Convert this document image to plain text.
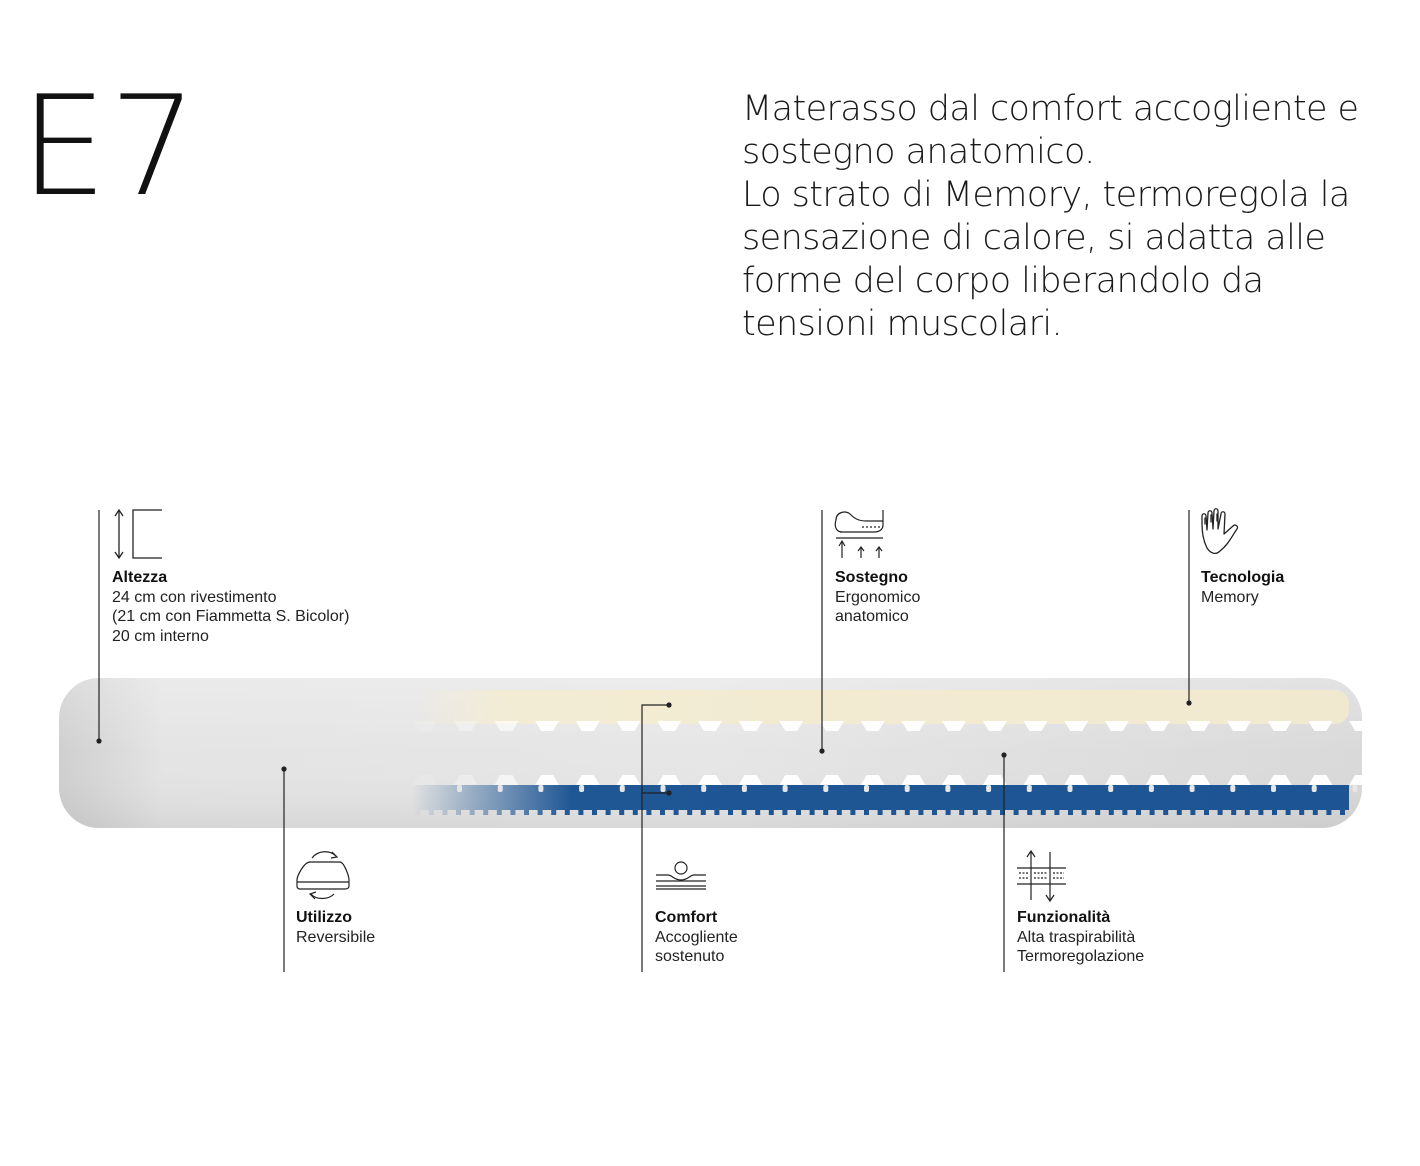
E7	Materasso dal comfort accogliente e sostegno anatomico.

Lo strato di Memory, termoregola la sensazione di calore, si adatta alle forme del corpo liberandolo da tensioni muscolari.

Altezza
24 cm con rivestimento
(21 cm con Fiammetta S. Bicolor)
20 cm interno
Sostegno
Ergonomico
anatomico
Tecnologia
Memory
Utilizzo
Reversibile
Comfort
Accogliente
sostenuto
Funzionalità
Alta traspirabilità
Termoregolazione
